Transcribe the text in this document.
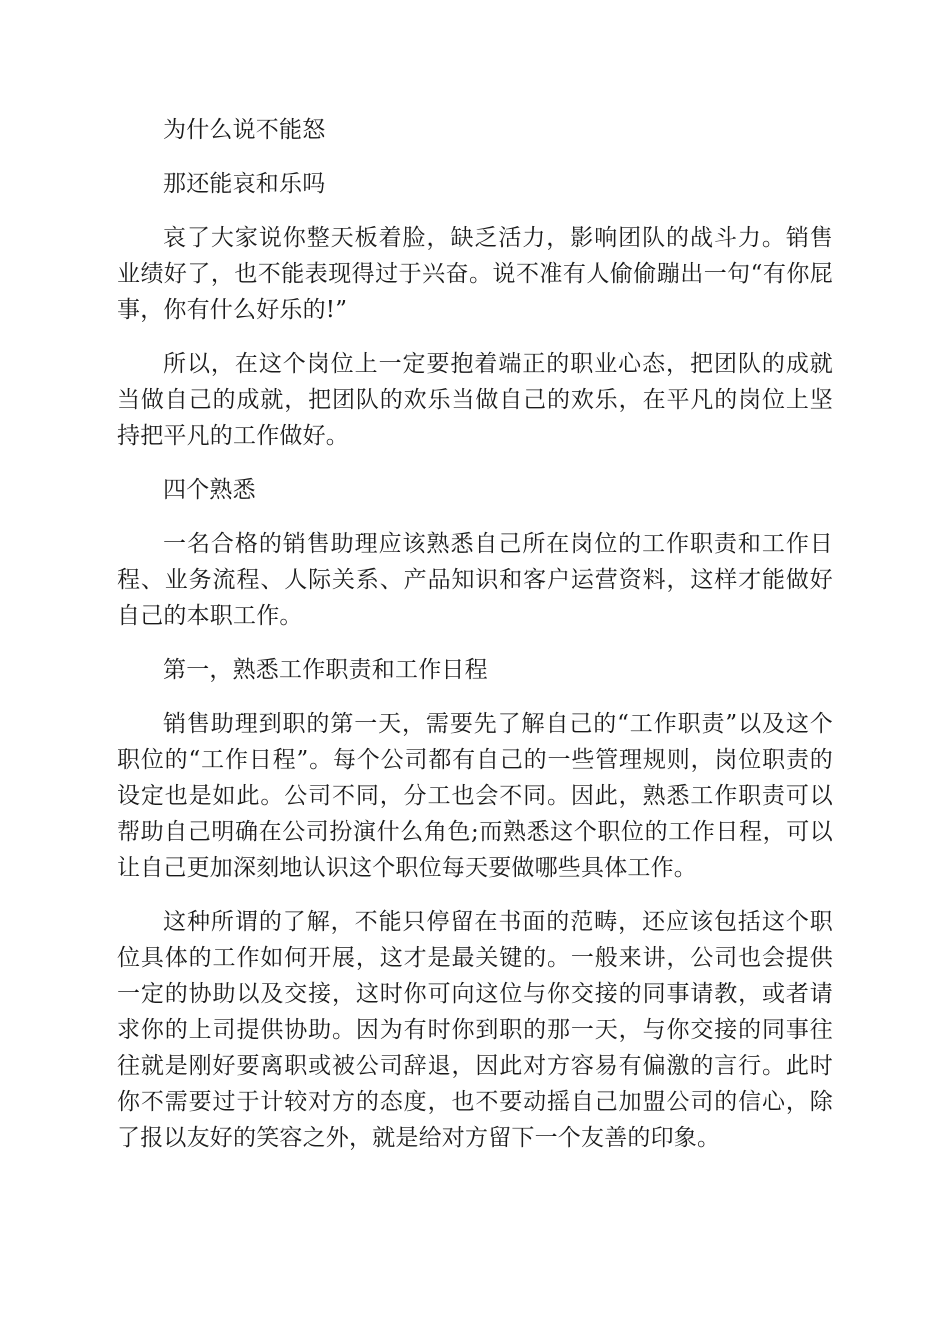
为什么说不能怒

那还能哀和乐吗

哀了大家说你整天板着脸，缺乏活力，影响团队的战斗力。销售业绩好了，也不能表现得过于兴奋。说不准有人偷偷蹦出一句“有你屁事，你有什么好乐的!”

所以，在这个岗位上一定要抱着端正的职业心态，把团队的成就当做自己的成就，把团队的欢乐当做自己的欢乐，在平凡的岗位上坚持把平凡的工作做好。

四个熟悉

一名合格的销售助理应该熟悉自己所在岗位的工作职责和工作日程、业务流程、人际关系、产品知识和客户运营资料，这样才能做好自己的本职工作。

第一，熟悉工作职责和工作日程

销售助理到职的第一天，需要先了解自己的“工作职责”以及这个职位的“工作日程”。每个公司都有自己的一些管理规则，岗位职责的设定也是如此。公司不同，分工也会不同。因此，熟悉工作职责可以帮助自己明确在公司扮演什么角色;而熟悉这个职位的工作日程，可以让自己更加深刻地认识这个职位每天要做哪些具体工作。

这种所谓的了解，不能只停留在书面的范畴，还应该包括这个职位具体的工作如何开展，这才是最关键的。一般来讲，公司也会提供一定的协助以及交接，这时你可向这位与你交接的同事请教，或者请求你的上司提供协助。因为有时你到职的那一天，与你交接的同事往往就是刚好要离职或被公司辞退，因此对方容易有偏激的言行。此时你不需要过于计较对方的态度，也不要动摇自己加盟公司的信心，除了报以友好的笑容之外，就是给对方留下一个友善的印象。
